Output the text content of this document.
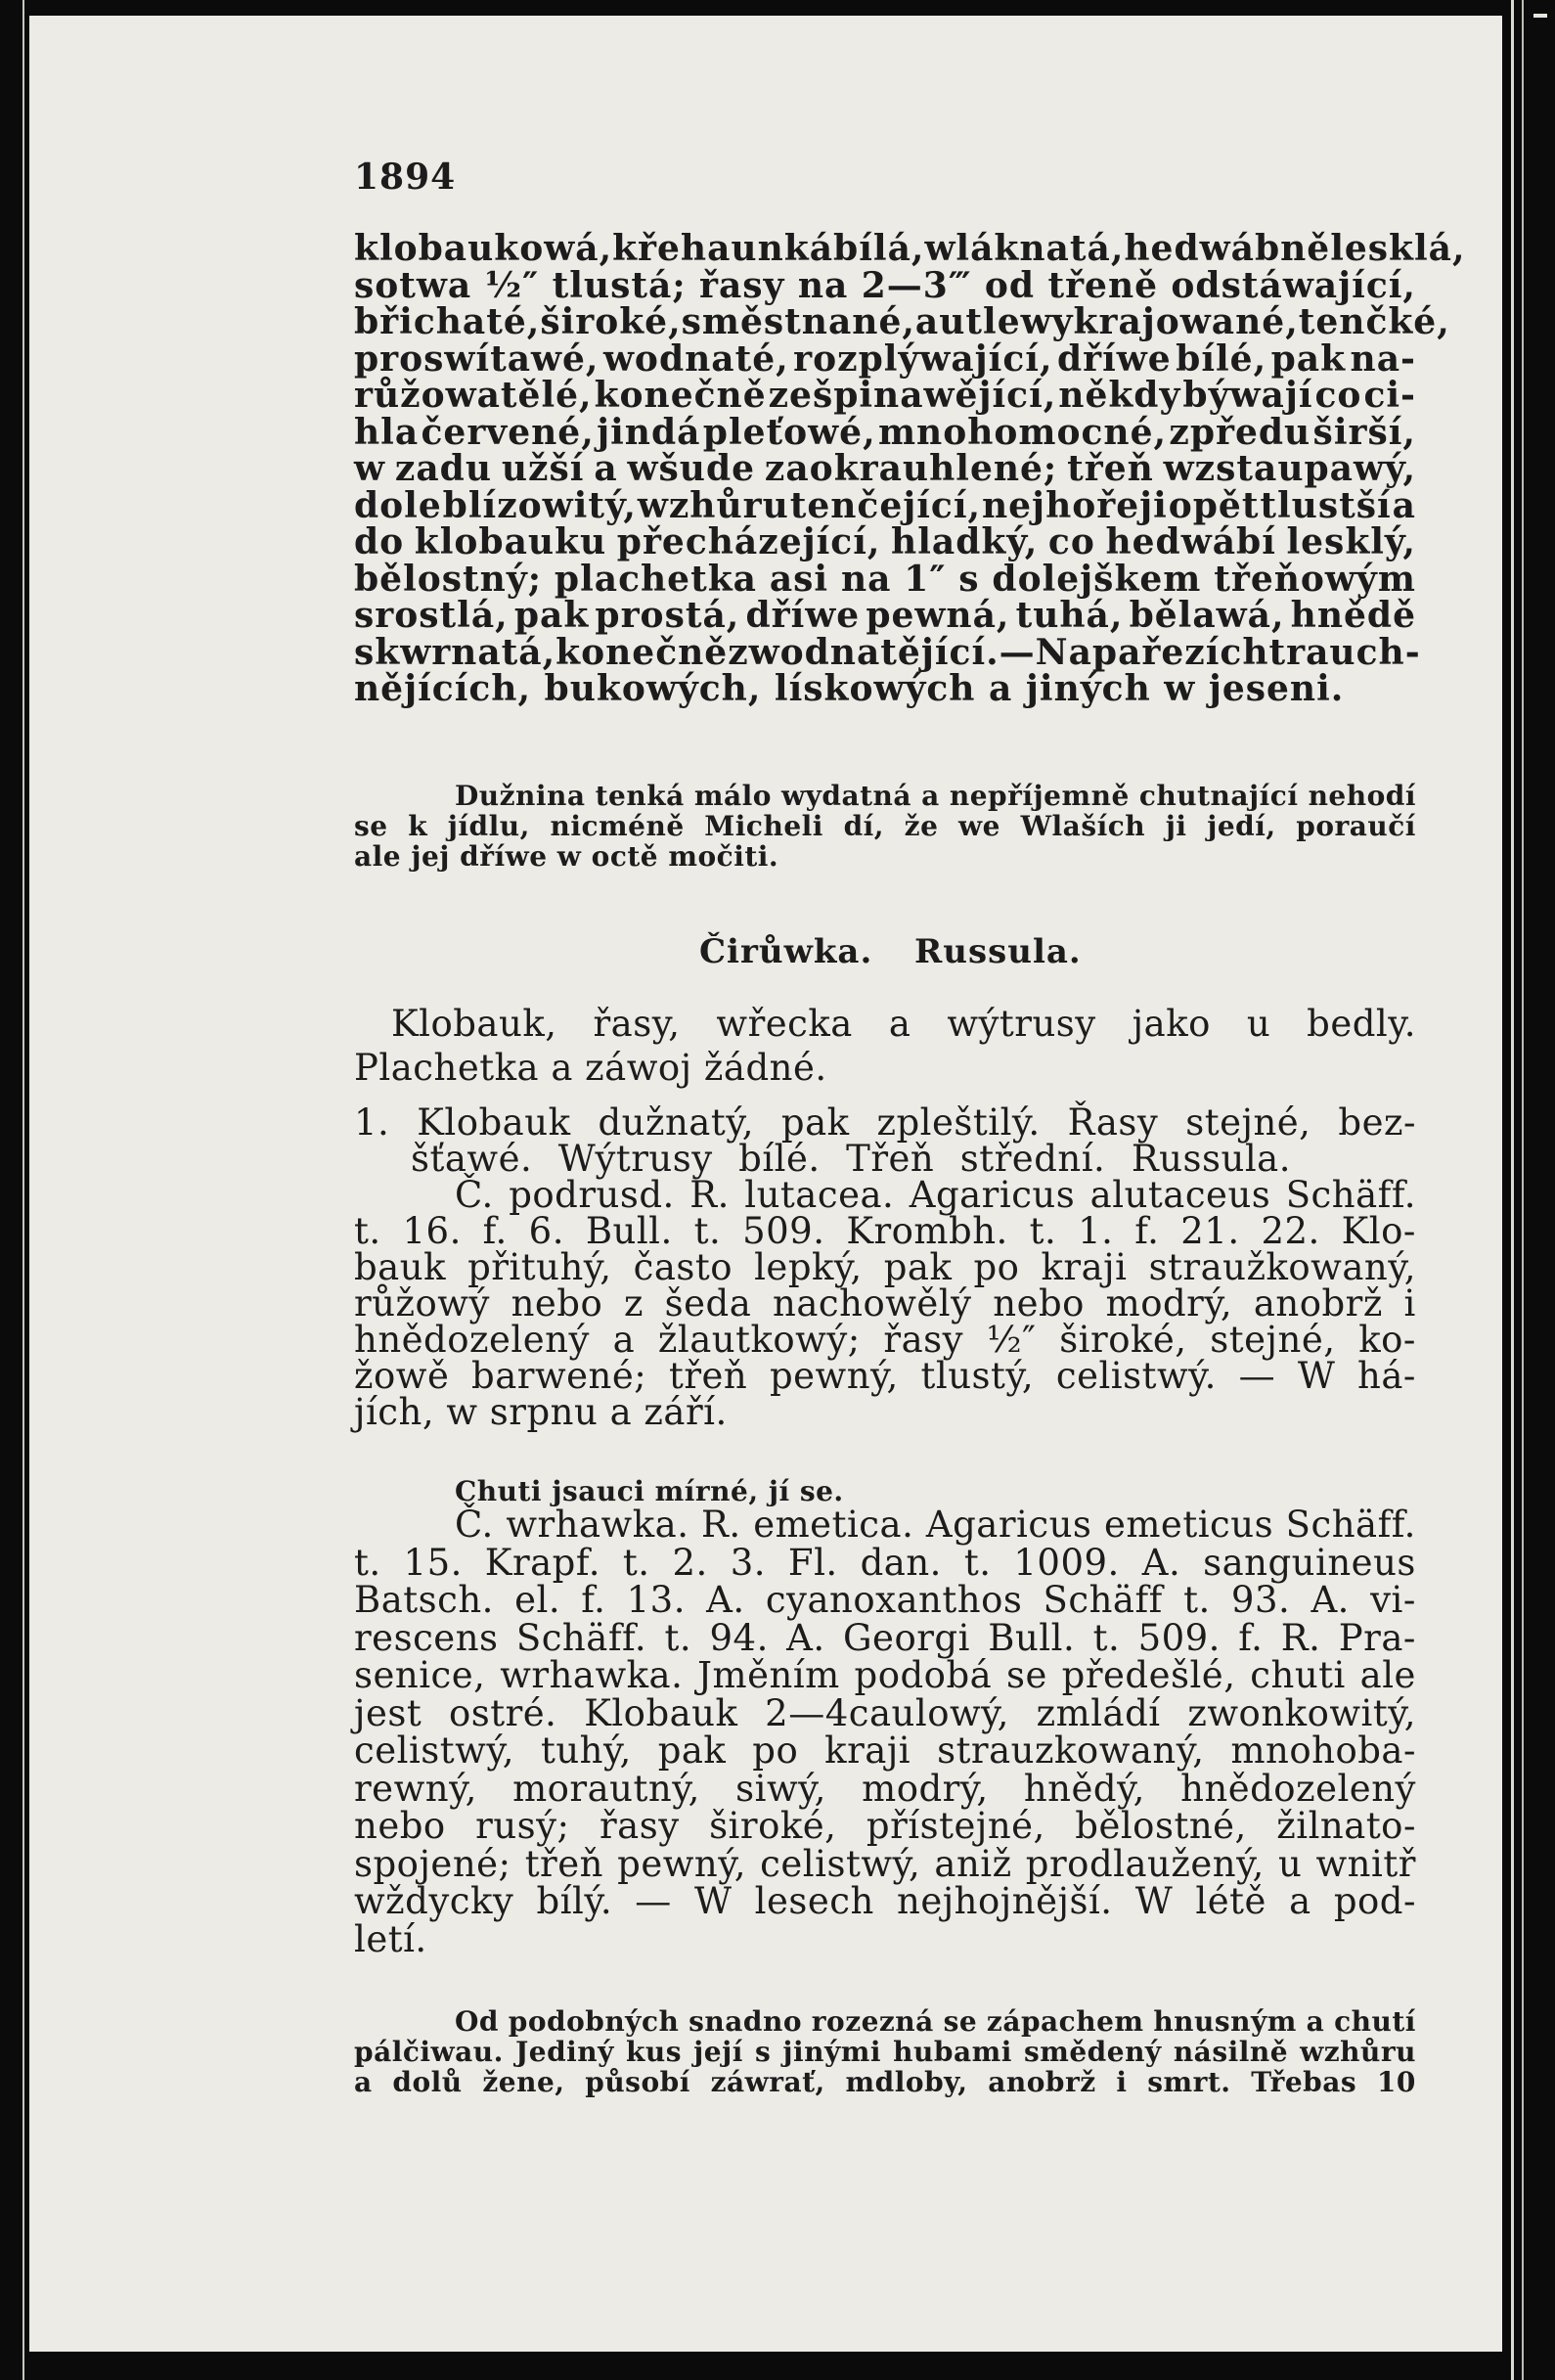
1894
klobaukowá, křehaunká bílá, wláknatá, hedwábně lesklá,
sotwa ½″ tlustá; řasy na 2—3‴ od třeně odstáwající,
břichaté, široké, směstnané, autle wykrajowané, tenčké,
proswítawé, wodnaté, rozplýwající, dříwe bílé, pak na-
růžowatělé, konečně zešpinawějící, někdy býwají co ci-
hla červené, jindá pleťowé, mnohomocné, zpředu širší,
w zadu užší a wšude zaokrauhlené; třeň wzstaupawý,
dole blízowitý, wzhůru tenčející, nejhořeji opět tlustší a
do klobauku přecházející, hladký, co hedwábí lesklý,
bělostný; plachetka asi na 1″ s dolejškem třeňowým
srostlá, pak prostá, dříwe pewná, tuhá, bělawá, hnědě
skwrnatá, konečně zwodnatějící. — Na pařezích trauch-
nějících, bukowých, lískowých a jiných w jeseni.
Dužnina tenká málo wydatná a nepříjemně chutnající nehodí
se k jídlu, nicméně Micheli dí, že we Wlaších ji jedí, poraučí
ale jej dříwe w octě močiti.
Čirůwka.	Russula.
Klobauk, řasy, wřecka a wýtrusy jako u bedly.
Plachetka a záwoj žádné.
1. Klobauk dužnatý, pak zpleštilý. Řasy stejné, bez-
šťawé. Wýtrusy bílé. Třeň střední. Russula.
Č. podrusd. R. lutacea. Agaricus alutaceus Schäff.
t. 16. f. 6. Bull. t. 509. Krombh. t. 1. f. 21. 22. Klo-
bauk přituhý, často lepký, pak po kraji straužkowaný,
růžowý nebo z šeda nachowělý nebo modrý, anobrž i
hnědozelený a žlautkowý; řasy ½″ široké, stejné, ko-
žowě barwené; třeň pewný, tlustý, celistwý. — W há-
jích, w srpnu a září.
Chuti jsauci mírné, jí se.
Č. wrhawka. R. emetica. Agaricus emeticus Schäff.
t. 15. Krapf. t. 2. 3. Fl. dan. t. 1009. A. sanguineus
Batsch. el. f. 13. A. cyanoxanthos Schäff t. 93. A. vi-
rescens Schäff. t. 94. A. Georgi Bull. t. 509. f. R. Pra-
senice, wrhawka. Jměním podobá se předešlé, chuti ale
jest ostré. Klobauk 2—4caulowý, zmládí zwonkowitý,
celistwý, tuhý, pak po kraji strauzkowaný, mnohoba-
rewný, morautný, siwý, modrý, hnědý, hnědozelený
nebo rusý; řasy široké, přístejné, bělostné, žilnato-
spojené; třeň pewný, celistwý, aniž prodlaužený, u wnitř
wždycky bílý. — W lesech nejhojnější. W létě a pod-
letí.
Od podobných snadno rozezná se zápachem hnusným a chutí
pálčiwau. Jediný kus její s jinými hubami smědený násilně wzhůru
a dolů žene, působí záwrať, mdloby, anobrž i smrt. Třebas 10
